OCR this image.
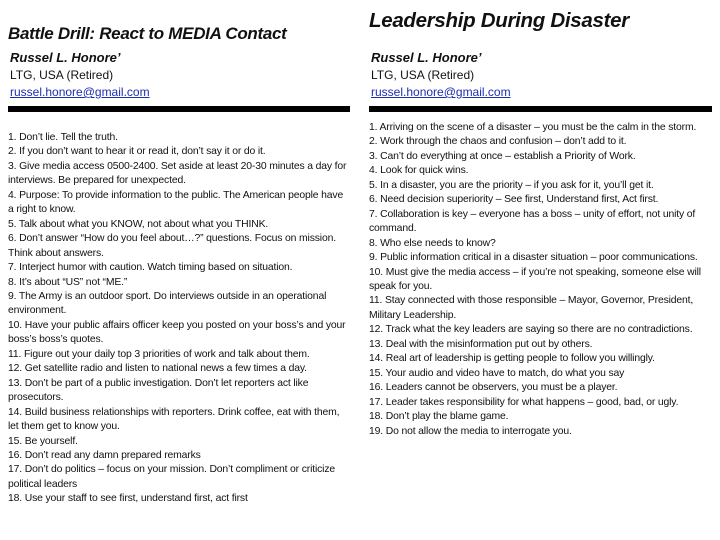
Battle Drill: React to MEDIA Contact
Russel L. Honore’
LTG, USA (Retired)
russel.honore@gmail.com
1. Don’t lie. Tell the truth.
2. If you don’t want to hear it or read it, don’t say it or do it.
3. Give media access 0500-2400. Set aside at least 20-30 minutes a day for interviews. Be prepared for unexpected.
4. Purpose: To provide information to the public. The American people have a right to know.
5. Talk about what you KNOW, not about what you THINK.
6. Don’t answer “How do you feel about…?” questions. Focus on mission. Think about answers.
7. Interject humor with caution. Watch timing based on situation.
8. It’s about “US” not “ME.”
9. The Army is an outdoor sport. Do interviews outside in an operational environment.
10. Have your public affairs officer keep you posted on your boss’s and your boss’s boss’s quotes.
11. Figure out your daily top 3 priorities of work and talk about them.
12. Get satellite radio and listen to national news a few times a day.
13. Don’t be part of a public investigation. Don’t let reporters act like prosecutors.
14. Build business relationships with reporters. Drink coffee, eat with them, let them get to know you.
15. Be yourself.
16. Don’t read any damn prepared remarks
17. Don’t do politics – focus on your mission. Don’t compliment or criticize political leaders
18. Use your staff to see first, understand first, act first
Leadership During Disaster
Russel L. Honore’
LTG, USA (Retired)
russel.honore@gmail.com
1. Arriving on the scene of a disaster – you must be the calm in the storm.
2. Work through the chaos and confusion – don’t add to it.
3. Can’t do everything at once – establish a Priority of Work.
4. Look for quick wins.
5. In a disaster, you are the priority – if you ask for it, you’ll get it.
6. Need decision superiority – See first, Understand first, Act first.
7. Collaboration is key – everyone has a boss – unity of effort, not unity of command.
8. Who else needs to know?
9. Public information critical in a disaster situation – poor communications.
10. Must give the media access – if you’re not speaking, someone else will speak for you.
11. Stay connected with those responsible – Mayor, Governor, President, Military Leadership.
12. Track what the key leaders are saying so there are no contradictions.
13. Deal with the misinformation put out by others.
14. Real art of leadership is getting people to follow you willingly.
15. Your audio and video have to match, do what you say
16. Leaders cannot be observers, you must be a player.
17. Leader takes responsibility for what happens – good, bad, or ugly.
18. Don’t play the blame game.
19. Do not allow the media to interrogate you.
